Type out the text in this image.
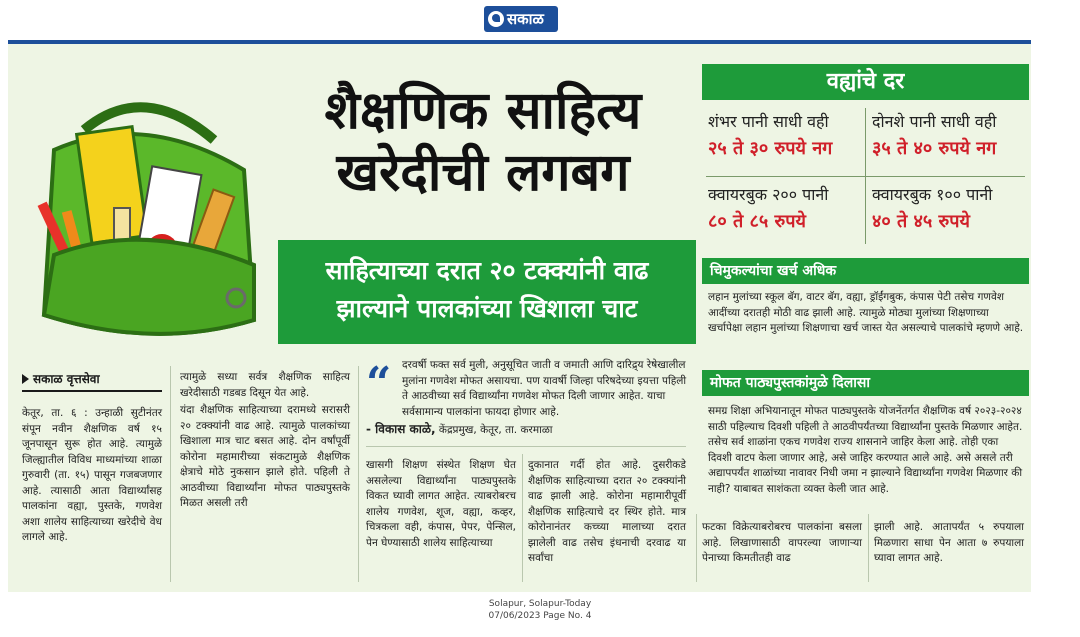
सकाळ
शैक्षणिक साहित्य
खरेदीची लगबग
साहित्याच्या दरात २० टक्क्यांनी वाढ
झाल्याने पालकांच्या खिशाला चाट
वह्यांचे दर
शंभर पानी साधी वही
२५ ते ३० रुपये नग
दोनशे पानी साधी वही
३५ ते ४० रुपये नग
क्वायरबुक २०० पानी
८० ते ८५ रुपये
क्वायरबुक १०० पानी
४० ते ४५ रुपये
चिमुकल्यांचा खर्च अधिक
लहान मुलांच्या स्कूल बॅग, वाटर बॅग, वह्या, ड्रॉईंगबुक, कंपास पेटी तसेच गणवेश आदींच्या दरातही मोठी वाढ झाली आहे. त्यामुळे मोठ्या मुलांच्या शिक्षणाच्या खर्चापेक्षा लहान मुलांच्या शिक्षणाचा खर्च जास्त येत असल्याचे पालकांचे म्हणणे आहे.
मोफत पाठ्यपुस्तकांमुळे दिलासा
समग्र शिक्षा अभियानातून मोफत पाठ्यपुस्तके योजनेंतर्गत शैक्षणिक वर्ष २०२३-२०२४ साठी पहिल्याच दिवशी पहिली ते आठवीपर्यंतच्या विद्यार्थ्यांना पुस्तके मिळणार आहेत. तसेच सर्व शाळांना एकच गणवेश राज्य शासनाने जाहिर केला आहे. तोही एका दिवशी वाटप केला जाणार आहे, असे जाहिर करण्यात आले आहे. असे असले तरी अद्यापपर्यंत शाळांच्या नावावर निधी जमा न झाल्याने विद्यार्थ्यांना गणवेश मिळणार की नाही? याबाबत साशंकता व्यक्त केली जात आहे.
सकाळ वृत्तसेवा

केतूर, ता. ६ : उन्हाळी सुटीनंतर संपून नवीन शैक्षणिक वर्ष १५ जूनपासून सुरू होत आहे. त्यामुळे जिल्ह्यातील विविध माध्यमांच्या शाळा गुरुवारी (ता. १५) पासून गजबजणार आहे. त्यासाठी आता विद्यार्थ्यांसह पालकांना वह्या, पुस्तके, गणवेश अशा शालेय साहित्याच्या खरेदीचे वेध लागले आहे.

त्यामुळे सध्या सर्वत्र शैक्षणिक साहित्य खरेदीसाठी गडबड दिसून येत आहे.

यंदा शैक्षणिक साहित्याच्या दरामध्ये सरासरी २० टक्क्यांनी वाढ आहे. त्यामुळे पालकांच्या खिशाला मात्र चाट बसत आहे. दोन वर्षांपूर्वी कोरोना महामारीच्या संकटामुळे शैक्षणिक क्षेत्राचे मोठे नुकसान झाले होते. पहिली ते आठवीच्या विद्यार्थ्यांना मोफत पाठ्यपुस्तके मिळत असली तरी

“ दरवर्षी फक्त सर्व मुली, अनुसूचित जाती व जमाती आणि दारिद्र्य रेषेखालील मुलांना गणवेश मोफत असायचा. पण यावर्षी जिल्हा परिषदेच्या इयत्ता पहिली ते आठवीच्या सर्व विद्यार्थ्यांना गणवेश मोफत दिली जाणार आहेत. याचा सर्वसामान्य पालकांना फायदा होणार आहे.
- विकास काळे, केंद्रप्रमुख, केतूर, ता. करमाळा

खासगी शिक्षण संस्थेत शिक्षण घेत असलेल्या विद्यार्थ्यांना पाठ्यपुस्तके विकत घ्यावी लागत आहेत. त्याबरोबरच शालेय गणवेश, शूज, वह्या, कव्हर, चित्रकला वही, कंपास, पेपर, पेन्सिल, पेन घेण्यासाठी शालेय साहित्याच्या

दुकानात गर्दी होत आहे. दुसरीकडे शैक्षणिक साहित्याच्या दरात २० टक्क्यांनी वाढ झाली आहे. कोरोना महामारीपूर्वी शैक्षणिक साहित्याचे दर स्थिर होते. मात्र कोरोनानंतर कच्च्या मालाच्या दरात झालेली वाढ तसेच इंधनाची दरवाढ या सर्वांचा

फटका विक्रेत्याबरोबरच पालकांना बसला आहे. लिखाणासाठी वापरल्या जाणाऱ्या पेनाच्या किमतीतही वाढ

झाली आहे. आतापर्यंत ५ रुपयाला मिळणारा साधा पेन आता ७ रुपयाला घ्यावा लागत आहे.

Solapur, Solapur-Today
07/06/2023 Page No. 4
